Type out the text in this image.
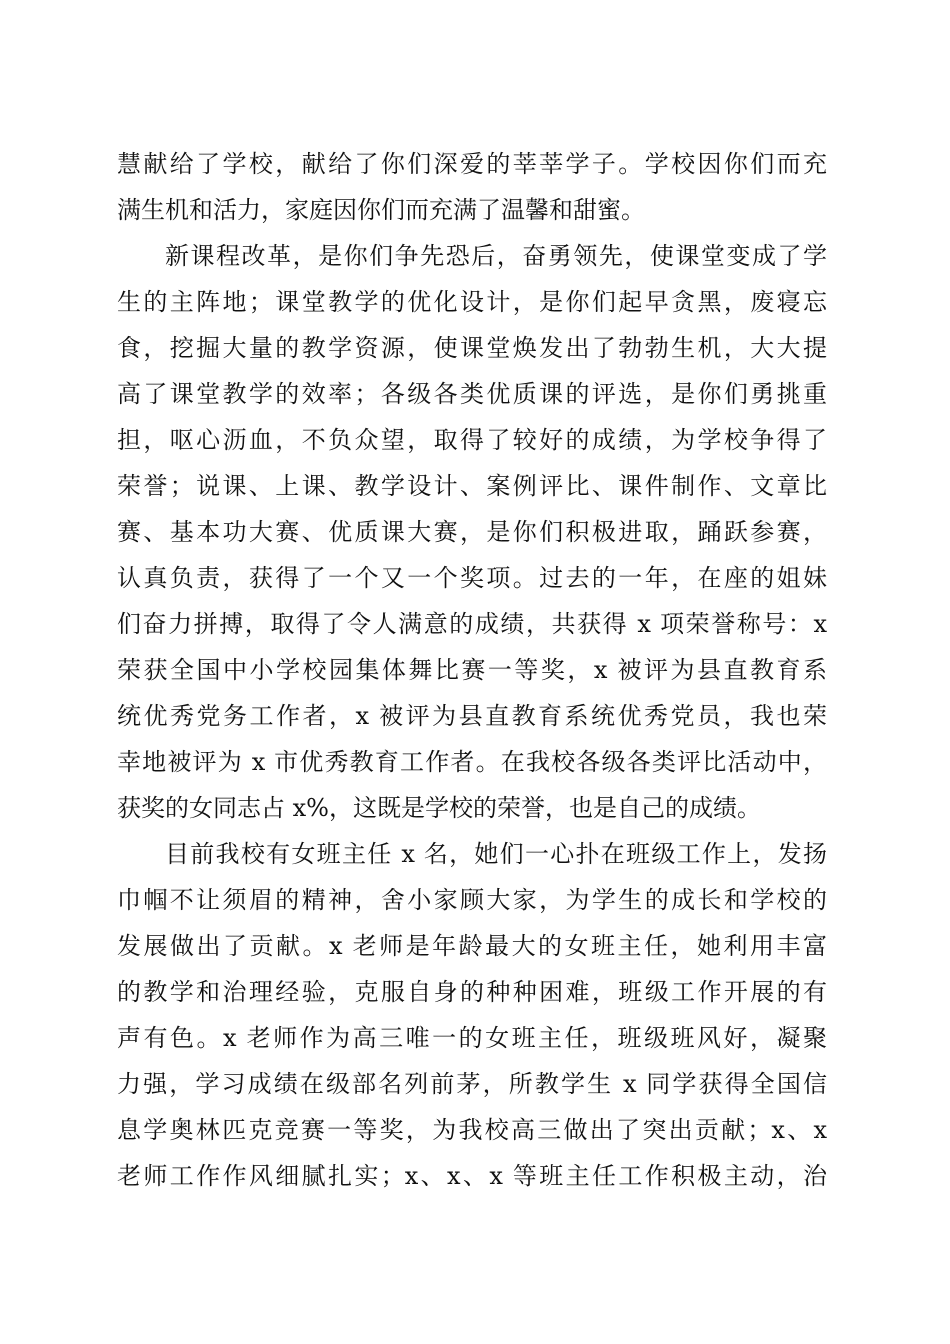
慧献给了学校，献给了你们深爱的莘莘学子。学校因你们而充
满生机和活力，家庭因你们而充满了温馨和甜蜜。
新课程改革，是你们争先恐后，奋勇领先，使课堂变成了学
生的主阵地；课堂教学的优化设计，是你们起早贪黑，废寝忘
食，挖掘大量的教学资源，使课堂焕发出了勃勃生机，大大提
高了课堂教学的效率；各级各类优质课的评选，是你们勇挑重
担，呕心沥血，不负众望，取得了较好的成绩，为学校争得了
荣誉；说课、上课、教学设计、案例评比、课件制作、文章比
赛、基本功大赛、优质课大赛，是你们积极进取，踊跃参赛，
认真负责，获得了一个又一个奖项。过去的一年，在座的姐妹
们奋力拼搏，取得了令人满意的成绩，共获得 x 项荣誉称号：x
荣获全国中小学校园集体舞比赛一等奖，x 被评为县直教育系
统优秀党务工作者，x 被评为县直教育系统优秀党员，我也荣
幸地被评为 x 市优秀教育工作者。在我校各级各类评比活动中，
获奖的女同志占 x%，这既是学校的荣誉，也是自己的成绩。
目前我校有女班主任 x 名，她们一心扑在班级工作上，发扬
巾帼不让须眉的精神，舍小家顾大家，为学生的成长和学校的
发展做出了贡献。x 老师是年龄最大的女班主任，她利用丰富
的教学和治理经验，克服自身的种种困难，班级工作开展的有
声有色。x 老师作为高三唯一的女班主任，班级班风好，凝聚
力强，学习成绩在级部名列前茅，所教学生 x 同学获得全国信
息学奥林匹克竞赛一等奖，为我校高三做出了突出贡献；x、x
老师工作作风细腻扎实；x、x、x 等班主任工作积极主动，治
